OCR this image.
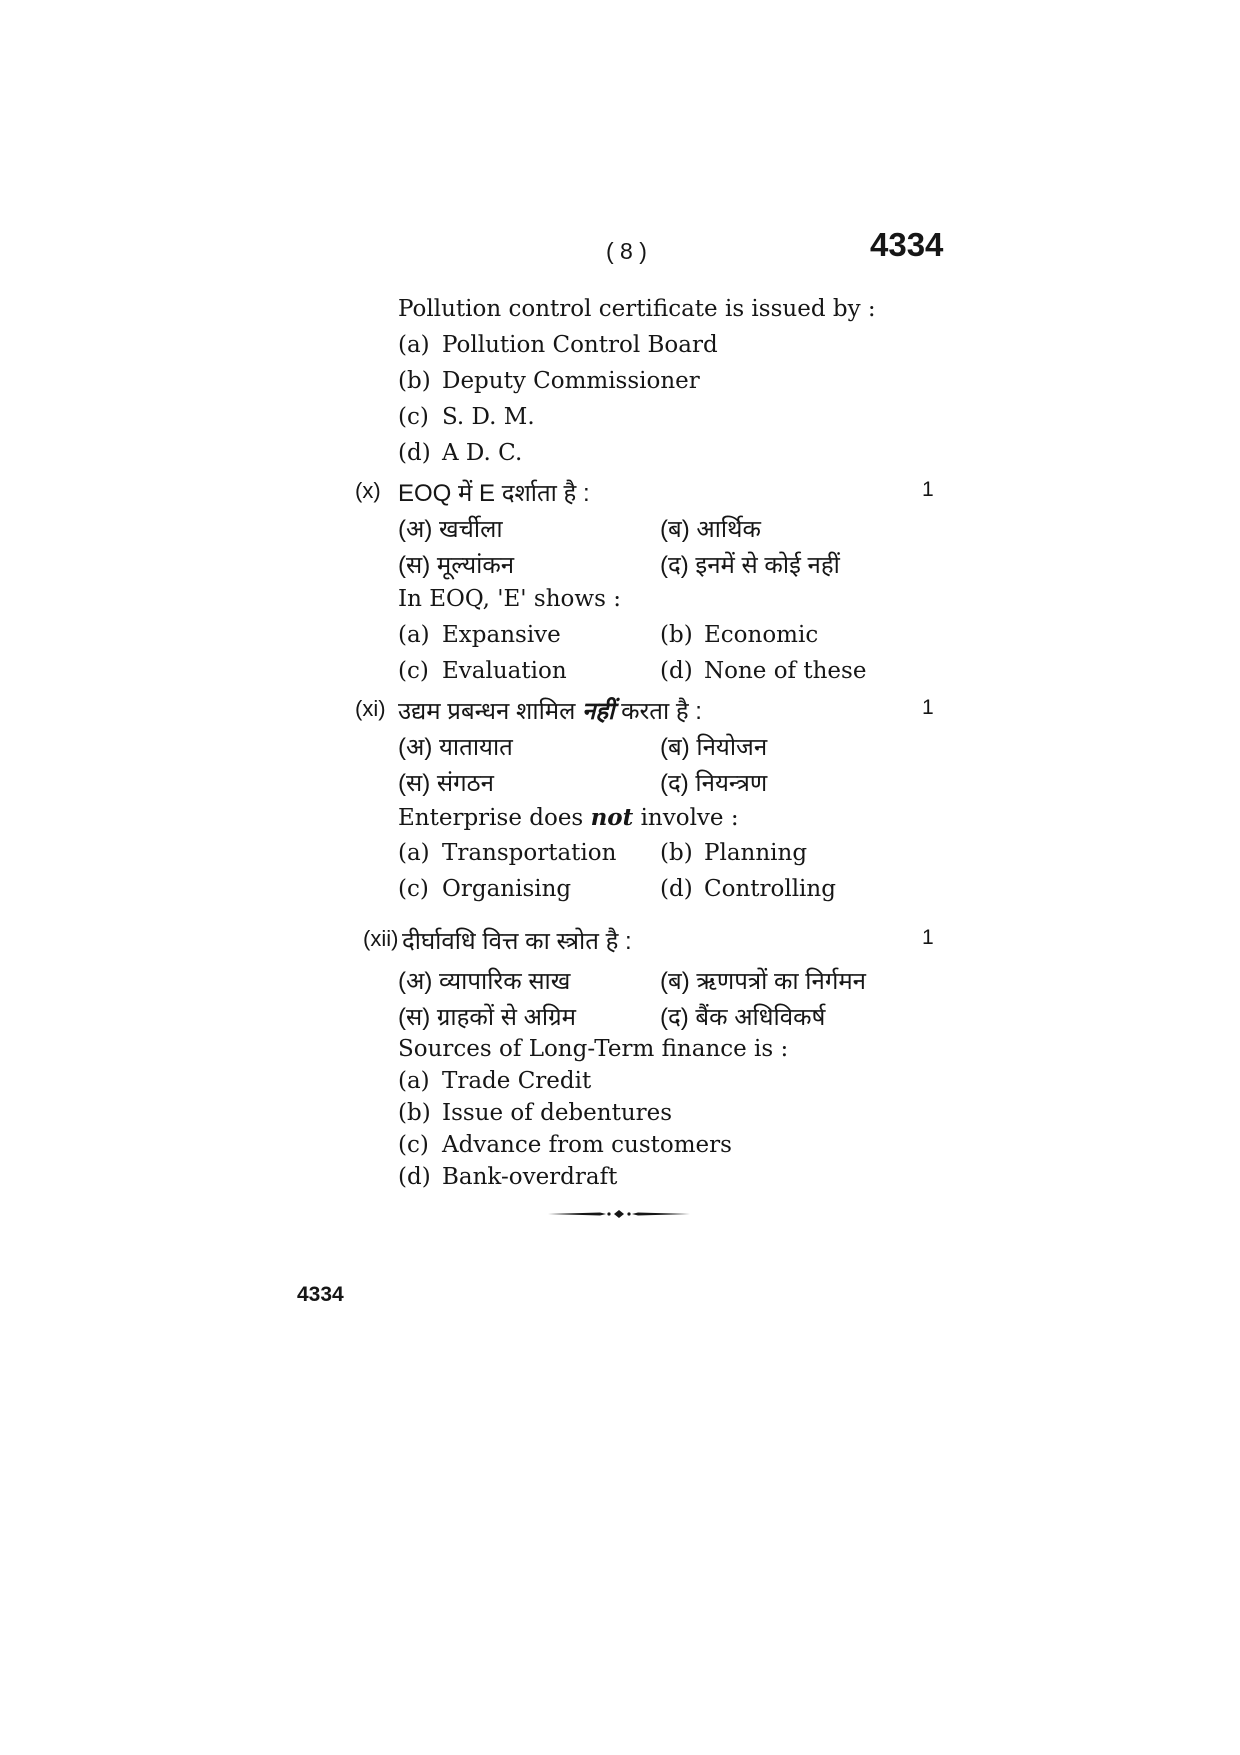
( 8 )	4334
Pollution control certificate is issued by :
(a) Pollution Control Board
(b) Deputy Commissioner
(c) S. D. M.
(d) A D. C.
(x) EOQ में E दर्शाता है :	1
(अ) खर्चीला	(ब) आर्थिक
(स) मूल्यांकन	(द) इनमें से कोई नहीं
In EOQ, 'E' shows :
(a) Expansive	(b) Economic
(c) Evaluation	(d) None of these
(xi) उद्यम प्रबन्धन शामिल नहीं करता है :	1
(अ) यातायात	(ब) नियोजन
(स) संगठन	(द) नियन्त्रण
Enterprise does not involve :
(a) Transportation (b) Planning
(c) Organising	(d) Controlling
(xii) दीर्घावधि वित्त का स्त्रोत है :	1
(अ) व्यापारिक साख	(ब) ऋणपत्रों का निर्गमन
(स) ग्राहकों से अग्रिम	(द) बैंक अधिविकर्ष
Sources of Long-Term finance is :
(a) Trade Credit
(b) Issue of debentures
(c) Advance from customers
(d) Bank-overdraft
4334
